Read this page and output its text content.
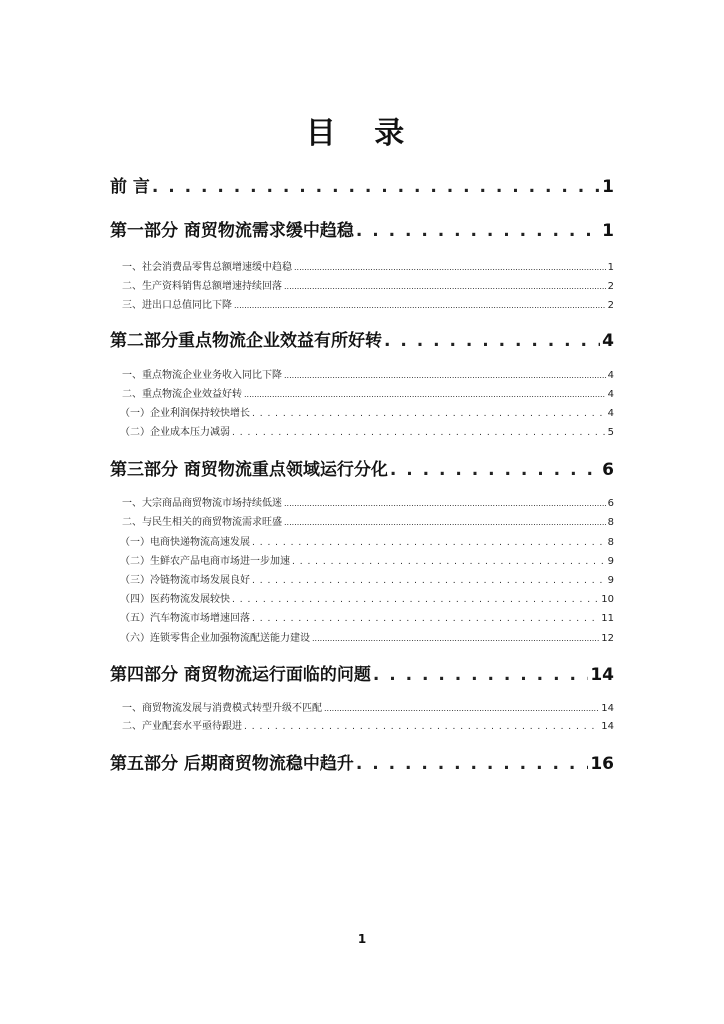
目 录
前 言 . . .	1
第一部分 商贸物流需求缓中趋稳 . . .	1
一、社会消费品零售总额增速缓中趋稳 .....	1
二、生产资料销售总额增速持续回落 .....	2
三、进出口总值同比下降 .....	2
第二部分重点物流企业效益有所好转 . . .	4
一、重点物流企业业务收入同比下降 .....	4
二、重点物流企业效益好转 .....	4
（一）企业利润保持较快增长 . . .	4
（二）企业成本压力减弱 . . .	5
第三部分 商贸物流重点领域运行分化 . . .	6
一、大宗商品商贸物流市场持续低迷 .....	6
二、与民生相关的商贸物流需求旺盛 .....	8
（一）电商快递物流高速发展 . . .	8
（二）生鲜农产品电商市场进一步加速 . . .	9
（三）冷链物流市场发展良好 . . .	9
（四）医药物流发展较快 . . .	10
（五）汽车物流市场增速回落 . . .	11
（六）连锁零售企业加强物流配送能力建设 .....	12
第四部分 商贸物流运行面临的问题 . . .	14
一、商贸物流发展与消费模式转型升级不匹配 .....	14
二、产业配套水平亟待跟进 . . .	14
第五部分 后期商贸物流稳中趋升 . . .	16
1
